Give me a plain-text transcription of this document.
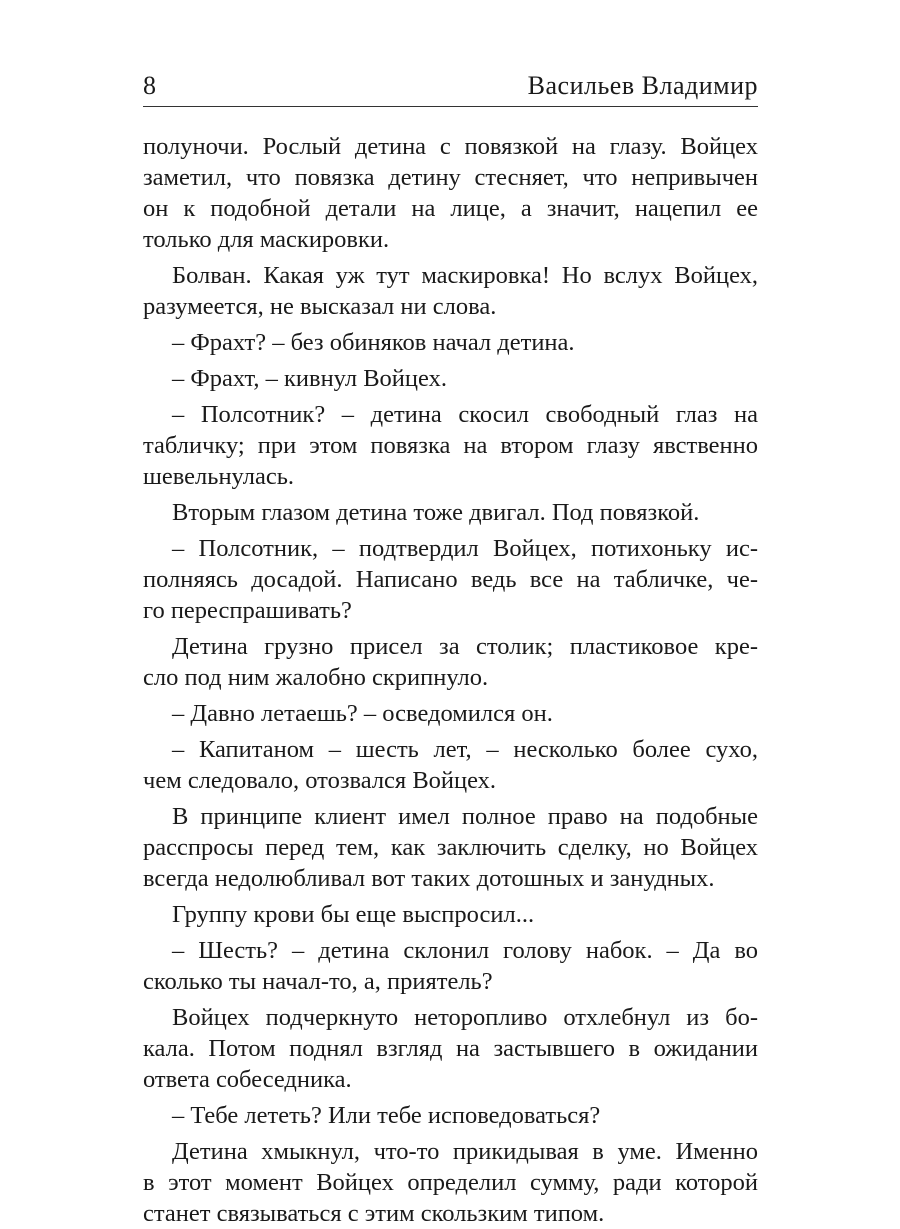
8	Васильев Владимир
полуночи. Рослый детина с повязкой на глазу. Войцех
заметил, что повязка детину стесняет, что непривычен
он к подобной детали на лице, а значит, нацепил ее
только для маскировки.
Болван. Какая уж тут маскировка! Но вслух Войцех,
разумеется, не высказал ни слова.
– Фрахт? – без обиняков начал детина.
– Фрахт, – кивнул Войцех.
– Полсотник? – детина скосил свободный глаз на
табличку; при этом повязка на втором глазу явственно
шевельнулась.
Вторым глазом детина тоже двигал. Под повязкой.
– Полсотник, – подтвердил Войцех, потихоньку ис-
полняясь досадой. Написано ведь все на табличке, че-
го переспрашивать?
Детина грузно присел за столик; пластиковое кре-
сло под ним жалобно скрипнуло.
– Давно летаешь? – осведомился он.
– Капитаном – шесть лет, – несколько более сухо,
чем следовало, отозвался Войцех.
В принципе клиент имел полное право на подобные
расспросы перед тем, как заключить сделку, но Войцех
всегда недолюбливал вот таких дотошных и занудных.
Группу крови бы еще выспросил...
– Шесть? – детина склонил голову набок. – Да во
сколько ты начал-то, а, приятель?
Войцех подчеркнуто неторопливо отхлебнул из бо-
кала. Потом поднял взгляд на застывшего в ожидании
ответа собеседника.
– Тебе лететь? Или тебе исповедоваться?
Детина хмыкнул, что-то прикидывая в уме. Именно
в этот момент Войцех определил сумму, ради которой
станет связываться с этим скользким типом.
